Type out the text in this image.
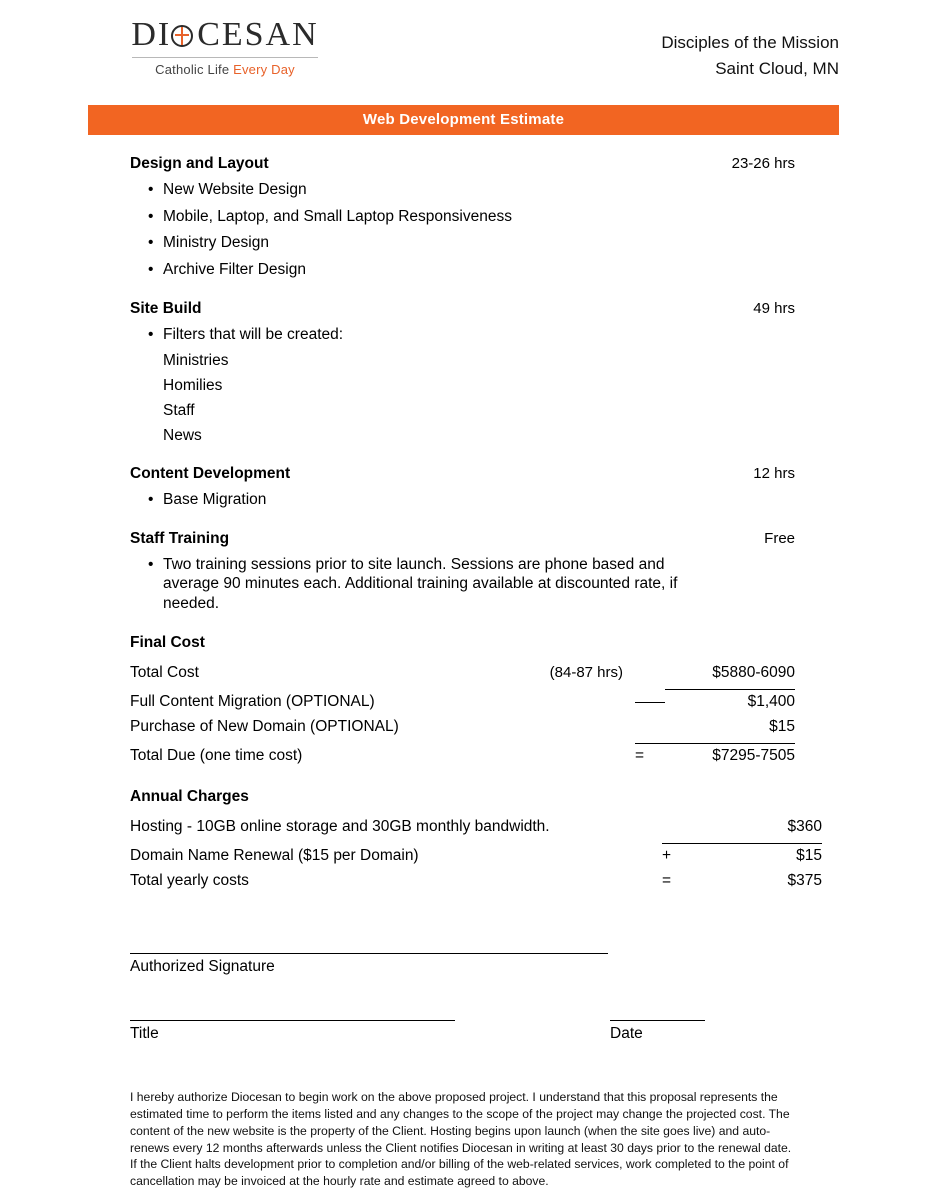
DI CESAN
Catholic Life Every Day
Disciples of the Mission
Saint Cloud, MN
Web Development Estimate
Design and Layout	23-26 hrs
• New Website Design
• Mobile, Laptop, and Small Laptop Responsiveness
• Ministry Design
• Archive Filter Design
Site Build	49 hrs
• Filters that will be created:
Ministries
Homilies
Staff
News
Content Development	12 hrs
• Base Migration
Staff Training	Free
• Two training sessions prior to site launch. Sessions are phone based and average 90 minutes each. Additional training available at discounted rate, if needed.
Final Cost
Total Cost	(84-87 hrs)	$5880-6090
Full Content Migration (OPTIONAL)	$1,400
Purchase of New Domain (OPTIONAL)	$15
Total Due (one time cost)	=	$7295-7505
Annual Charges
Hosting - 10GB online storage and 30GB monthly bandwidth.	$360
Domain Name Renewal ($15 per Domain)	+	$15
Total yearly costs	=	$375
Authorized Signature
Title	Date
I hereby authorize Diocesan to begin work on the above proposed project. I understand that this proposal represents the estimated time to perform the items listed and any changes to the scope of the project may change the projected cost. The content of the new website is the property of the Client. Hosting begins upon launch (when the site goes live) and auto-renews every 12 months afterwards unless the Client notifies Diocesan in writing at least 30 days prior to the renewal date. If the Client halts development prior to completion and/or billing of the web-related services, work completed to the point of cancellation may be invoiced at the hourly rate and estimate agreed to above.
